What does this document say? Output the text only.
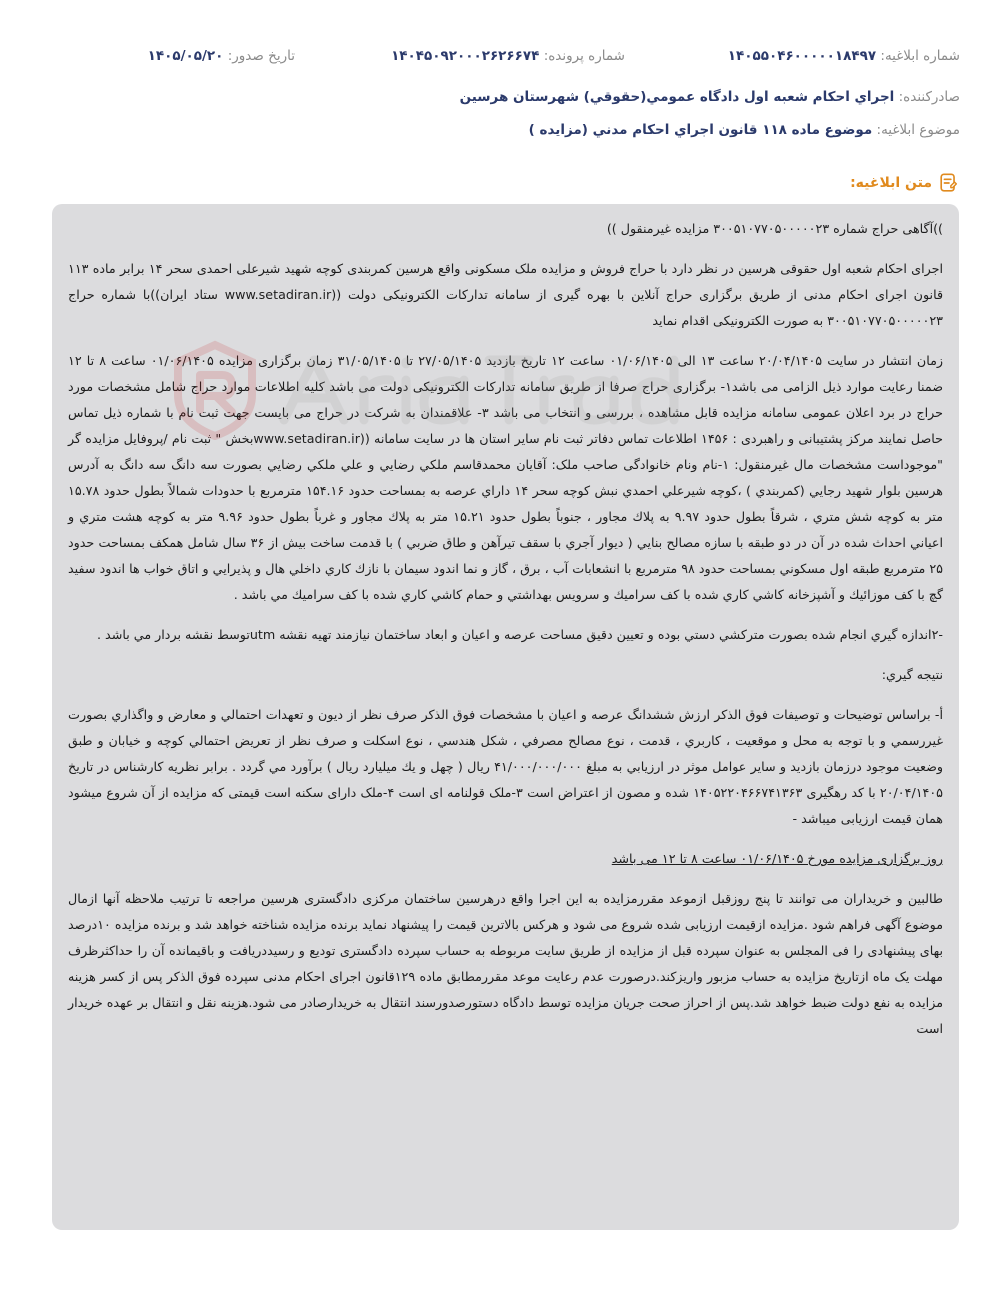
شماره ابلاغيه: ۱۴۰۵۵۰۴۶۰۰۰۰۰۱۸۴۹۷
شماره پرونده: ۱۴۰۴۵۰۹۲۰۰۰۲۶۲۶۶۷۴
تاريخ صدور: ۱۴۰۵/۰۵/۲۰
صادرکننده: اجراي احكام شعبه اول دادگاه عمومي(حقوقي) شهرستان هرسين
موضوع ابلاغيه: موضوع ماده ١١٨ قانون اجراي احكام مدني (مزايده )
متن ابلاغيه:

))آگاهی حراج شماره ۳۰۰۵۱۰۷۷۰۵۰۰۰۰۰۲۳ مزایده غیرمنقول ))

اجرای احکام شعبه اول حقوقی هرسین در نظر دارد با حراج فروش و مزایده ملک مسکونی واقع هرسین کمربندی کوچه شهید شیرعلی احمدی سحر ۱۴ برابر ماده ۱۱۳ قانون اجرای احکام مدنی از طریق برگزاری حراج آنلاین با بهره گیری از سامانه تدارکات الکترونیکی دولت ((www.setadiran.ir ستاد ایران))با شماره حراج ۳۰۰۵۱۰۷۷۰۵۰۰۰۰۰۲۳ به صورت الکترونیکی اقدام نماید

زمان انتشار در سایت ۲۰/۰۴/۱۴۰۵ ساعت ۱۳ الی ۰۱/۰۶/۱۴۰۵ ساعت ۱۲ تاریخ بازدید ۲۷/۰۵/۱۴۰۵ تا ۳۱/۰۵/۱۴۰۵ زمان برگزاری مزایده ۰۱/۰۶/۱۴۰۵ ساعت ۸ تا ۱۲ ضمنا رعایت موارد ذیل الزامی می باشد۱- برگزاری حراج صرفا از طریق سامانه تدارکات الکترونیکی دولت می باشد کلیه اطلاعات موارد حراج شامل مشخصات مورد حراج در برد اعلان عمومی سامانه مزایده قابل مشاهده ، بررسی و انتخاب می باشد ۳- علاقمندان به شرکت در حراج می بایست جهت ثبت نام با شماره ذیل تماس حاصل نمایند مرکز پشتیبانی و راهبردی : ۱۴۵۶ اطلاعات تماس دفاتر ثبت نام سایر استان ها در سایت سامانه ((www.setadiran.irبخش " ثبت نام /پروفایل مزایده گر "موجوداست مشخصات مال غیرمنقول: ۱-نام ونام خانوادگی صاحب ملک: آقايان محمدقاسم ملكي رضايي و علي ملكي رضايي بصورت سه دانگ سه دانگ به آدرس هرسين بلوار شهيد رجايي (كمربندي ) ،كوچه شيرعلي احمدي نبش كوچه سحر ۱۴ داراي عرصه به بمساحت حدود ۱۵۴.۱۶ مترمربع با حدودات شمالاً بطول حدود ۱۵.۷۸ متر به كوچه شش متري ، شرقاً بطول حدود ۹.۹۷ به پلاك مجاور ، جنوباً بطول حدود ۱۵.۲۱ متر به پلاك مجاور و غرباً بطول حدود ۹.۹۶ متر به كوچه هشت متري و اعياني احداث شده در آن در دو طبقه با سازه مصالح بنايي ( ديوار آجري با سقف تيرآهن و طاق ضربي ) با قدمت ساخت بيش از ۳۶ سال شامل همكف بمساحت حدود ۲۵ مترمربع طبقه اول مسكوني بمساحت حدود ۹۸ مترمربع با انشعابات آب ، برق ، گاز و نما اندود سيمان با نازك كاري داخلي هال و پذيرايي و اتاق خواب ها اندود سفيد گچ با كف موزائيك و آشپزخانه كاشي كاري شده با كف سراميك و سرويس بهداشتي و حمام كاشي كاري شده با كف سراميك مي باشد .

-۲اندازه گيري انجام شده بصورت متركشي دستي بوده و تعيين دقيق مساحت عرصه و اعيان و ابعاد ساختمان نيازمند تهيه نقشه utmتوسط نقشه بردار مي باشد .

نتيجه گيري:

أ- براساس توضيحات و توصيفات فوق الذكر ارزش ششدانگ عرصه و اعيان با مشخصات فوق الذكر صرف نظر از ديون و تعهدات احتمالي و معارض و واگذاري بصورت غيررسمي و با توجه به محل و موقعيت ، كاربري ، قدمت ، نوع مصالح مصرفي ، شكل هندسي ، نوع اسكلت و صرف نظر از تعريض احتمالي كوچه و خيابان و طبق وضعيت موجود درزمان بازديد و ساير عوامل موثر در ارزيابي به مبلغ ۴۱/۰۰۰/۰۰۰/۰۰۰ ريال ( چهل و يك ميليارد ريال ) برآورد مي گردد . برابر نظریه کارشناس در تاریخ ۲۰/۰۴/۱۴۰۵ با کد رهگیری ۱۴۰۵۲۲۰۴۶۶۷۴۱۳۶۳ شده و مصون از اعتراض است ۳-ملک قولنامه ای است ۴-ملک دارای سکنه است قیمتی که مزایده از آن شروع میشود همان قیمت ارزیابی میباشد -

روز برگزاری مزایده مورخ ۰۱/۰۶/۱۴۰۵ ساعت ۸ تا ۱۲ می باشد

طالبین و خریداران می توانند تا پنج روزقبل ازموعد مقررمزایده به این اجرا واقع درهرسین ساختمان مرکزی دادگستری هرسین مراجعه تا ترتیب ملاحظه آنها ازمال موضوع آگهی فراهم شود .مزایده ازقیمت ارزیابی شده شروع می شود و هرکس بالاترین قیمت را پیشنهاد نماید برنده مزایده شناخته خواهد شد و برنده مزایده ۱۰درصد بهای پیشنهادی را فی المجلس به عنوان سپرده قبل از مزایده از طریق سایت مربوطه به حساب سپرده دادگستری تودیع و رسیددریافت و باقیمانده آن را حداکثرظرف مهلت یک ماه ازتاریخ مزایده به حساب مزبور واریزکند.درصورت عدم رعایت موعد مقررمطابق ماده ۱۲۹قانون اجرای احکام مدنی سپرده فوق الذکر پس از کسر هزینه مزایده به نفع دولت ضبط خواهد شد.پس از احراز صحت جریان مزایده توسط دادگاه دستورصدورسند انتقال به خریدارصادر می شود.هزینه نقل و انتقال بر عهده خریدار است
